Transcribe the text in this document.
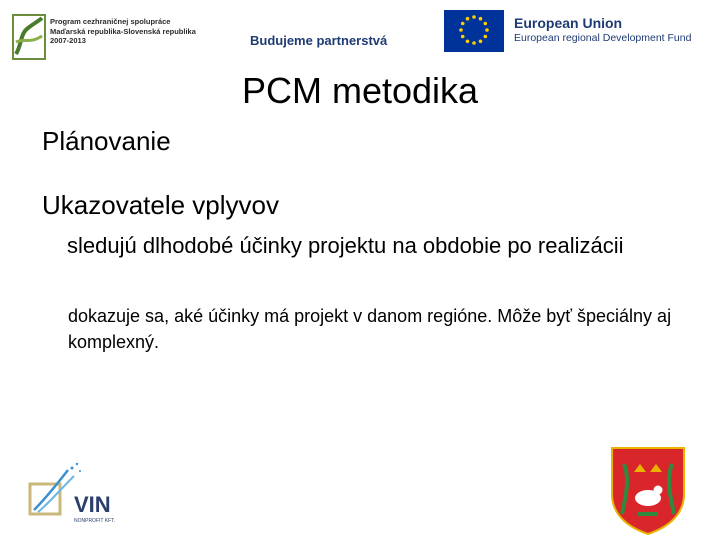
Program cezhraničnej spolupráce
Maďarská republika-Slovenská republika
2007-2013	Budujeme partnerstvá
European Union
European regional Development Fund
PCM metodika
Plánovanie
Ukazovatele vplyvov
sledujú dlhodobé účinky projektu na obdobie po realizácii
dokazuje sa, aké účinky má projekt v danom regióne. Môže byť špeciálny aj komplexný.
VIN
NONPROFIT KFT.
